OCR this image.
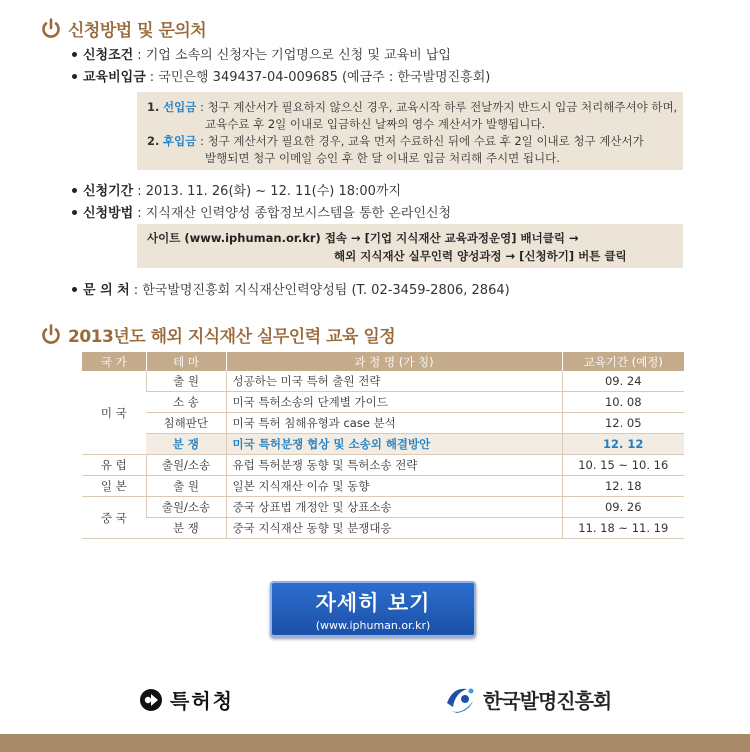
신청방법 및 문의처
신청조건 : 기업 소속의 신청자는 기업명으로 신청 및 교육비 납입
교육비입금 : 국민은행 349437-04-009685 (예금주 : 한국발명진흥회)
1. 선입금 : 청구 계산서가 필요하지 않으신 경우, 교육시작 하루 전날까지 반드시 입금 처리해주셔야 하며,
교육수료 후 2일 이내로 입금하신 날짜의 영수 계산서가 발행됩니다.
2. 후입금 : 청구 계산서가 필요한 경우, 교육 먼저 수료하신 뒤에 수료 후 2일 이내로 청구 계산서가
발행되면 청구 이메일 승인 후 한 달 이내로 입금 처리해 주시면 됩니다.
신청기간 : 2013. 11. 26(화) ~ 12. 11(수) 18:00까지
신청방법 : 지식재산 인력양성 종합정보시스템을 통한 온라인신청
사이트 (www.iphuman.or.kr) 접속 → [기업 지식재산 교육과정운영] 배너클릭 →
해외 지식재산 실무인력 양성과정 → [신청하기] 버튼 클릭
문 의 처 : 한국발명진흥회 지식재산인력양성팀 (T. 02-3459-2806, 2864)
2013년도 해외 지식재산 실무인력 교육 일정
국 가	테 마	과 정 명 (가 칭)	교육기간 (예정)
미 국	출 원	성공하는 미국 특허 출원 전략	09. 24
	소 송	미국 특허소송의 단계별 가이드	10. 08
	침해판단	미국 특허 침해유형과 case 분석	12. 05
	분 쟁	미국 특허분쟁 협상 및 소송외 해결방안	12. 12
유 럽	출원/소송	유럽 특허분쟁 동향 및 특허소송 전략	10. 15 ~ 10. 16
일 본	출 원	일본 지식재산 이슈 및 동향	12. 18
중 국	출원/소송	중국 상표법 개정안 및 상표소송	09. 26
	분 쟁	중국 지식재산 동향 및 분쟁대응	11. 18 ~ 11. 19
자세히 보기
(www.iphuman.or.kr)
특허청	한국발명진흥회
